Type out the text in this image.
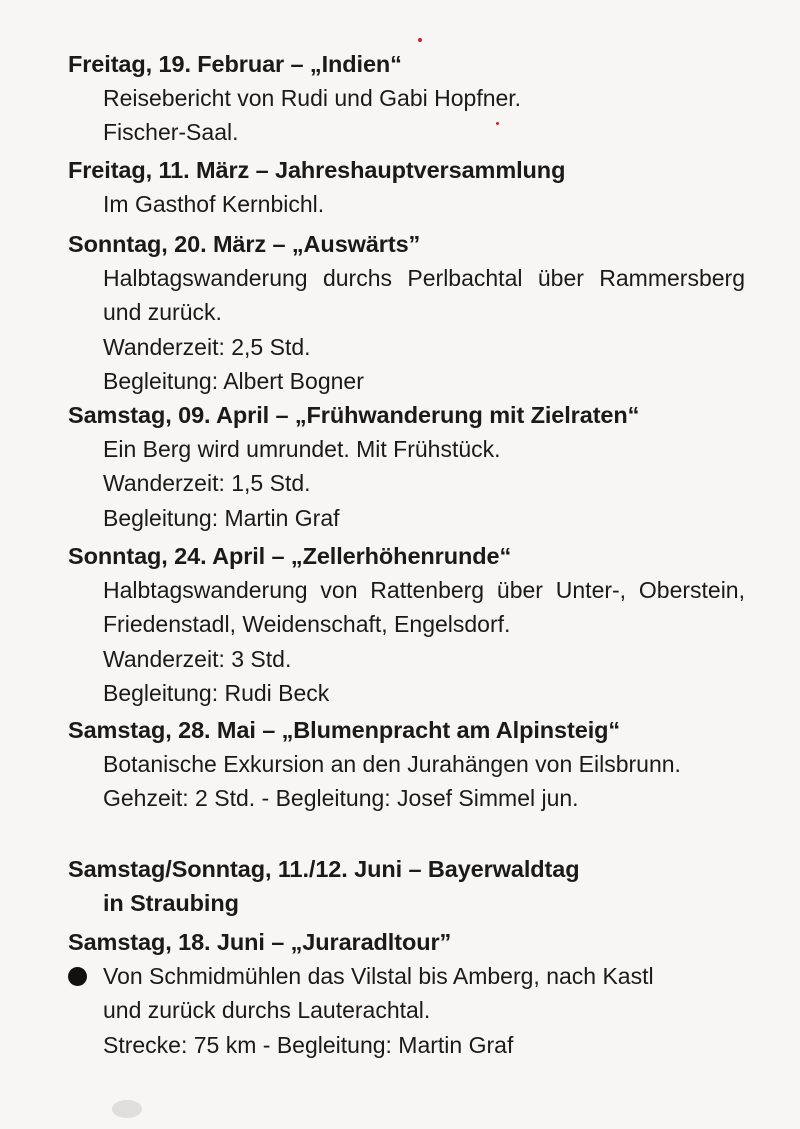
Freitag, 19. Februar – „Indien“
Reisebericht von Rudi und Gabi Hopfner.
Fischer-Saal.
Freitag, 11. März – Jahreshauptversammlung
Im Gasthof Kernbichl.
Sonntag, 20. März – „Auswärts”
Halbtagswanderung durchs Perlbachtal über Rammersberg und zurück.
Wanderzeit: 2,5 Std.
Begleitung: Albert Bogner
Samstag, 09. April – „Frühwanderung mit Zielraten“
Ein Berg wird umrundet. Mit Frühstück.
Wanderzeit: 1,5 Std.
Begleitung: Martin Graf
Sonntag, 24. April – „Zellerhöhenrunde“
Halbtagswanderung von Rattenberg über Unter-, Oberstein, Friedenstadl, Weidenschaft, Engelsdorf.
Wanderzeit: 3 Std.
Begleitung: Rudi Beck
Samstag, 28. Mai – „Blumenpracht am Alpinsteig“
Botanische Exkursion an den Jurahängen von Eilsbrunn.
Gehzeit: 2 Std. - Begleitung: Josef Simmel jun.
Samstag/Sonntag, 11./12. Juni – Bayerwaldtag
in Straubing
Samstag, 18. Juni – „Juraradltour”
Von Schmidmühlen das Vilstal bis Amberg, nach Kastl
und zurück durchs Lauterachtal.
Strecke: 75 km - Begleitung: Martin Graf
